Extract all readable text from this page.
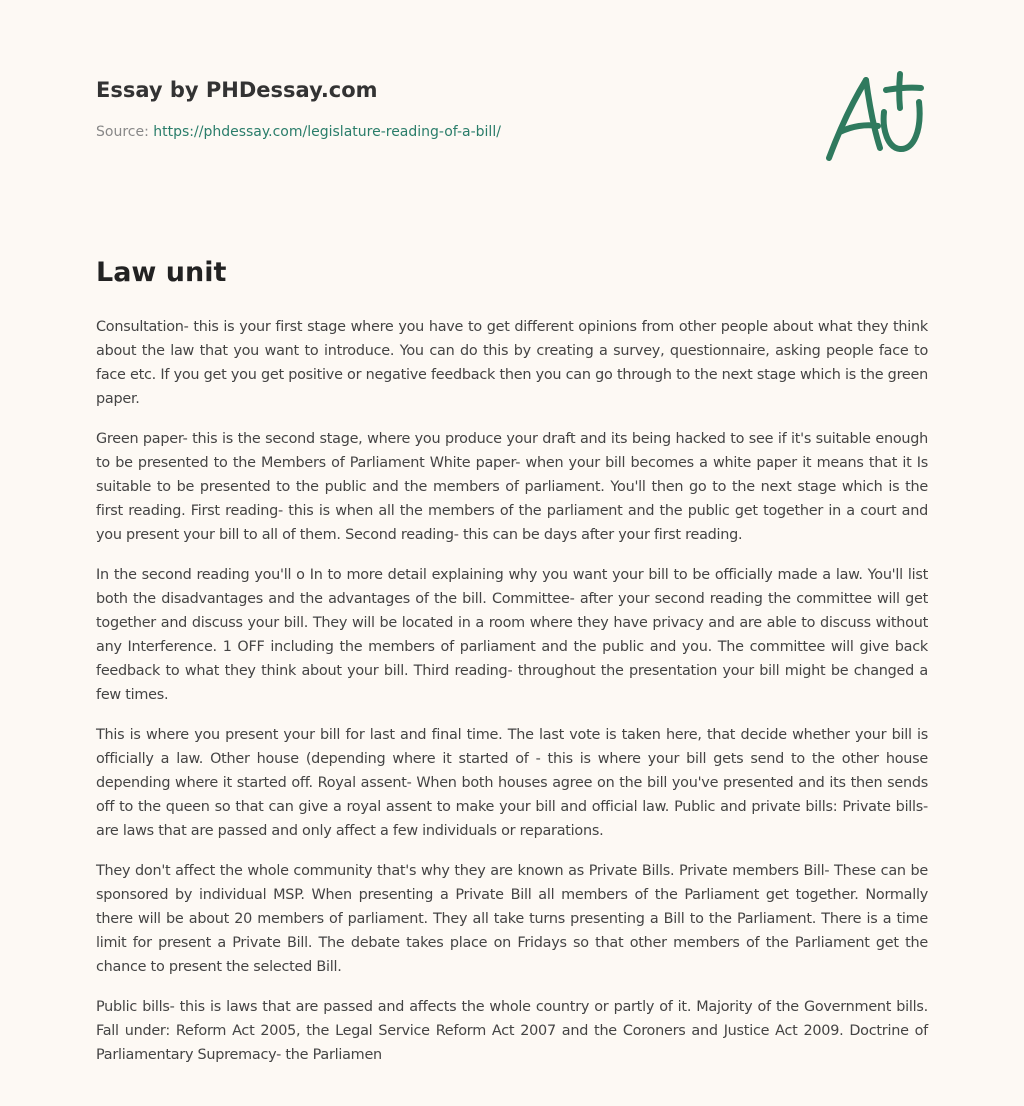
Essay by PHDessay.com
Source: https://phdessay.com/legislature-reading-of-a-bill/
Law unit

Consultation- this is your first stage where you have to get different opinions from other people about what they think about the law that you want to introduce. You can do this by creating a survey, questionnaire, asking people face to face etc. If you get you get positive or negative feedback then you can go through to the next stage which is the green paper.

Green paper- this is the second stage, where you produce your draft and its being hacked to see if it's suitable enough to be presented to the Members of Parliament White paper- when your bill becomes a white paper it means that it Is suitable to be presented to the public and the members of parliament. You'll then go to the next stage which is the first reading. First reading- this is when all the members of the parliament and the public get together in a court and you present your bill to all of them. Second reading- this can be days after your first reading.

In the second reading you'll o In to more detail explaining why you want your bill to be officially made a law. You'll list both the disadvantages and the advantages of the bill. Committee- after your second reading the committee will get together and discuss your bill. They will be located in a room where they have privacy and are able to discuss without any Interference. 1 OFF including the members of parliament and the public and you. The committee will give back feedback to what they think about your bill. Third reading- throughout the presentation your bill might be changed a few times.

This is where you present your bill for last and final time. The last vote is taken here, that decide whether your bill is officially a law. Other house (depending where it started of - this is where your bill gets send to the other house depending where it started off. Royal assent- When both houses agree on the bill you've presented and its then sends off to the queen so that can give a royal assent to make your bill and official law. Public and private bills: Private bills- are laws that are passed and only affect a few individuals or reparations.

They don't affect the whole community that's why they are known as Private Bills. Private members Bill- These can be sponsored by individual MSP. When presenting a Private Bill all members of the Parliament get together. Normally there will be about 20 members of parliament. They all take turns presenting a Bill to the Parliament. There is a time limit for present a Private Bill. The debate takes place on Fridays so that other members of the Parliament get the chance to present the selected Bill.

Public bills- this is laws that are passed and affects the whole country or partly of it. Majority of the Government bills. Fall under: Reform Act 2005, the Legal Service Reform Act 2007 and the Coroners and Justice Act 2009. Doctrine of Parliamentary Supremacy- the Parliamen
